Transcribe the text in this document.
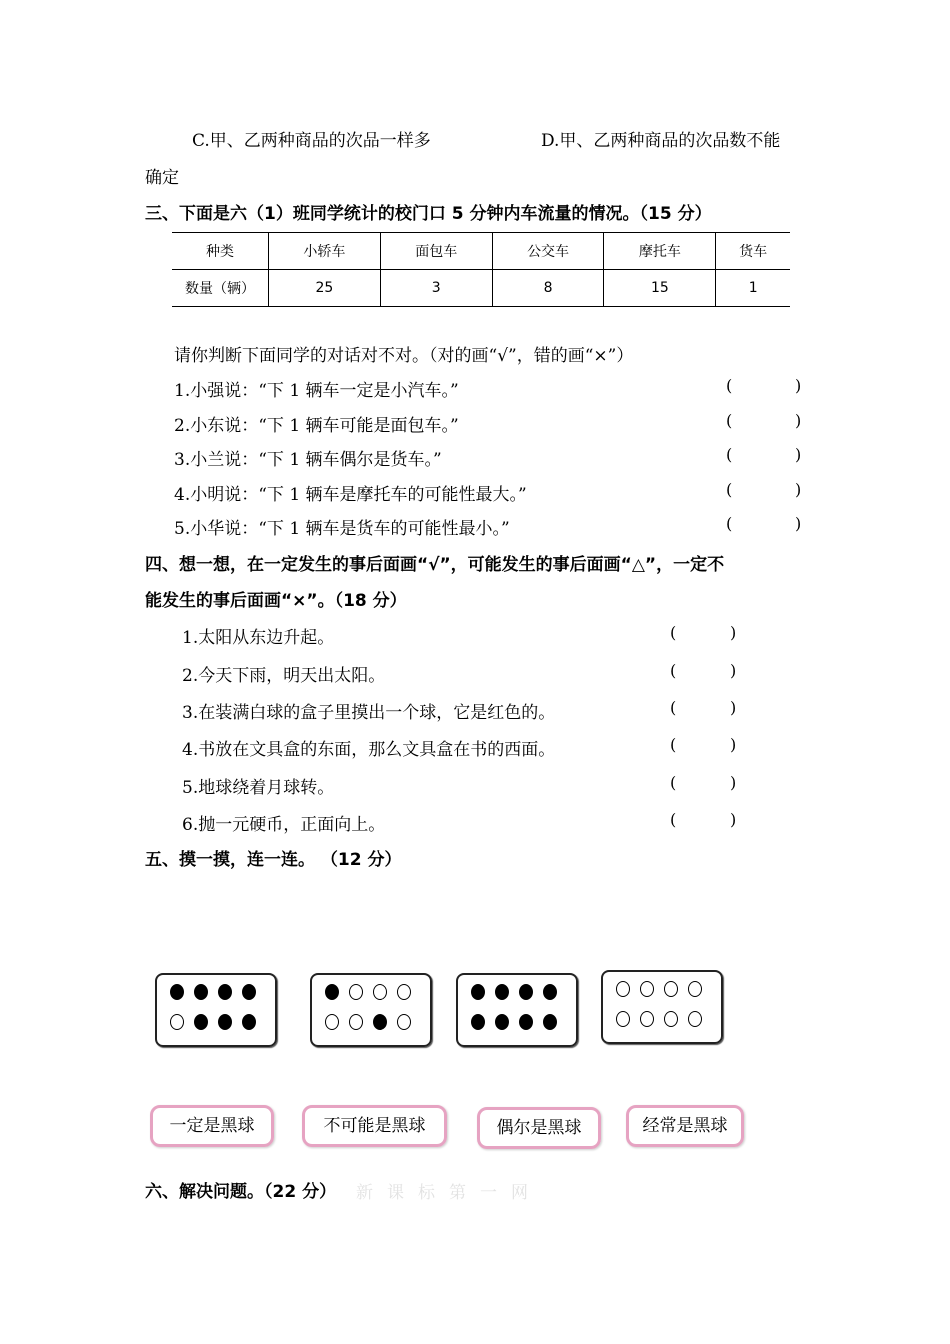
C.甲、乙两种商品的次品一样多	D.甲、乙两种商品的次品数不能
确定
三、下面是六（1）班同学统计的校门口 5 分钟内车流量的情况。（15 分）
种类	小轿车	面包车	公交车	摩托车	货车
数量（辆）	25	3	8	15	1
请你判断下面同学的对话对不对。（对的画“√”，错的画“×”）
1.小强说：“下 1 辆车一定是小汽车。”
2.小东说：“下 1 辆车可能是面包车。”
3.小兰说：“下 1 辆车偶尔是货车。”
4.小明说：“下 1 辆车是摩托车的可能性最大。”
5.小华说：“下 1 辆车是货车的可能性最小。”
(	)
(	)
(	)
(	)
(	)
四、想一想，在一定发生的事后面画“√”，可能发生的事后面画“△”，一定不
能发生的事后面画“×”。（18 分）
1.太阳从东边升起。
2.今天下雨，明天出太阳。
3.在装满白球的盒子里摸出一个球，它是红色的。
4.书放在文具盒的东面，那么文具盒在书的西面。
5.地球绕着月球转。
6.抛一元硬币，正面向上。
(	)
(	)
(	)
(	)
(	)
(	)
五、摸一摸，连一连。 （12 分）
一定是黑球	不可能是黑球	偶尔是黑球	经常是黑球
六、解决问题。（22 分） 新课标第一网
